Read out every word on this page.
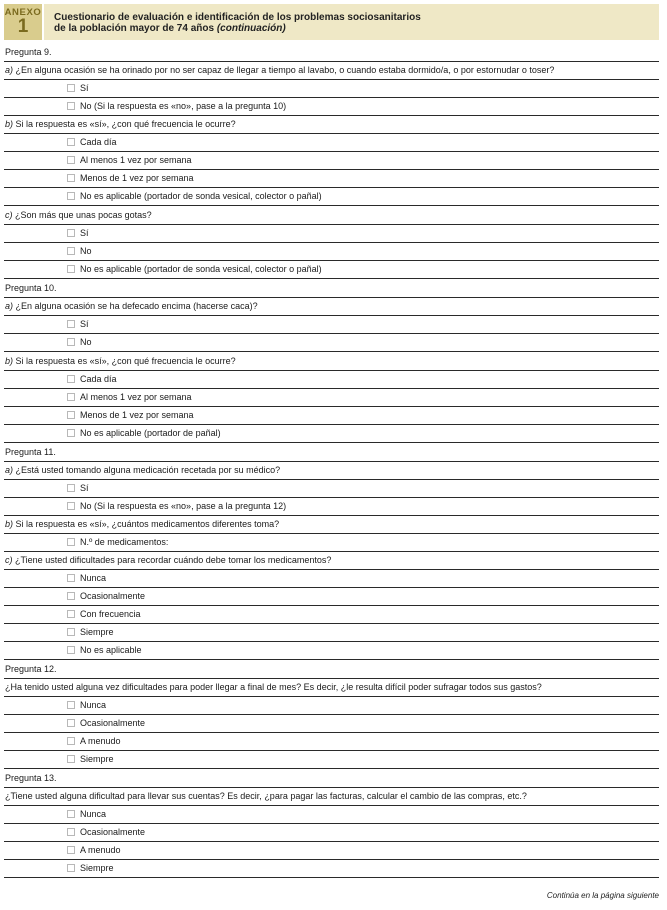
ANEXO
1	Cuestionario de evaluación e identificación de los problemas sociosanitarios
de la población mayor de 74 años (continuación)
Pregunta 9.
a) ¿En alguna ocasión se ha orinado por no ser capaz de llegar a tiempo al lavabo, o cuando estaba dormido/a, o por estornudar o toser?
Sí
No (Si la respuesta es «no», pase a la pregunta 10)
b) Si la respuesta es «sí», ¿con qué frecuencia le ocurre?
Cada día
Al menos 1 vez por semana
Menos de 1 vez por semana
No es aplicable (portador de sonda vesical, colector o pañal)
c) ¿Son más que unas pocas gotas?
Sí
No
No es aplicable (portador de sonda vesical, colector o pañal)
Pregunta 10.
a) ¿En alguna ocasión se ha defecado encima (hacerse caca)?
Sí
No
b) Si la respuesta es «sí», ¿con qué frecuencia le ocurre?
Cada día
Al menos 1 vez por semana
Menos de 1 vez por semana
No es aplicable (portador de pañal)
Pregunta 11.
a) ¿Está usted tomando alguna medicación recetada por su médico?
Sí
No (Si la respuesta es «no», pase a la pregunta 12)
b) Si la respuesta es «sí», ¿cuántos medicamentos diferentes toma?
N.º de medicamentos:
c) ¿Tiene usted dificultades para recordar cuándo debe tomar los medicamentos?
Nunca
Ocasionalmente
Con frecuencia
Siempre
No es aplicable
Pregunta 12.
¿Ha tenido usted alguna vez dificultades para poder llegar a final de mes? Es decir, ¿le resulta difícil poder sufragar todos sus gastos?
Nunca
Ocasionalmente
A menudo
Siempre
Pregunta 13.
¿Tiene usted alguna dificultad para llevar sus cuentas? Es decir, ¿para pagar las facturas, calcular el cambio de las compras, etc.?
Nunca
Ocasionalmente
A menudo
Siempre
Continúa en la página siguiente
